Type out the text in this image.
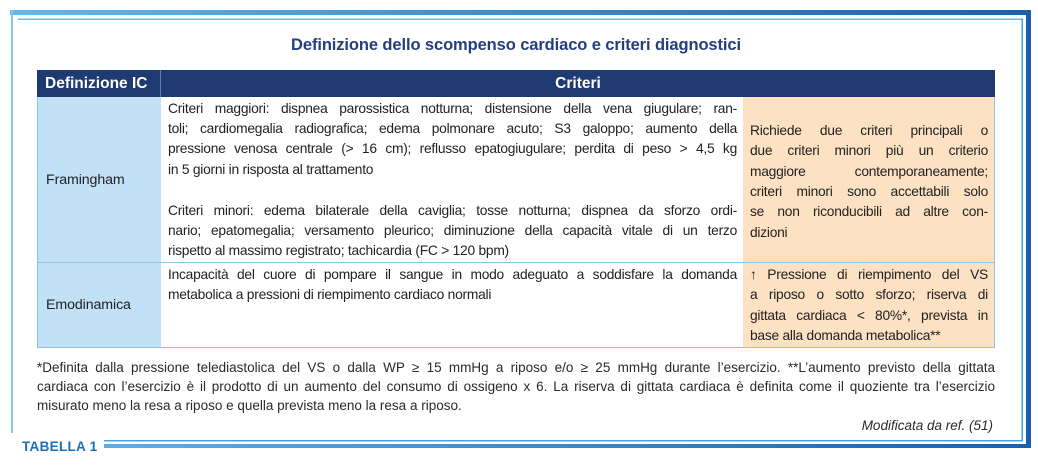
Definizione dello scompenso cardiaco e criteri diagnostici
Definizione IC	Criteri
Framingham
Criteri maggiori: dispnea parossistica notturna; distensione della vena giugulare; ran-
toli; cardiomegalia radiografica; edema polmonare acuto; S3 galoppo; aumento della
pressione venosa centrale (> 16 cm); reflusso epatogiugulare; perdita di peso > 4,5 kg
in 5 giorni in risposta al trattamento
Criteri minori: edema bilaterale della caviglia; tosse notturna; dispnea da sforzo ordi-
nario; epatomegalia; versamento pleurico; diminuzione della capacità vitale di un terzo
rispetto al massimo registrato; tachicardia (FC > 120 bpm)
Richiede due criteri principali o
due criteri minori più un criterio
maggiore contemporaneamente;
criteri minori sono accettabili solo
se non riconducibili ad altre con-
dizioni
Emodinamica
Incapacità del cuore di pompare il sangue in modo adeguato a soddisfare la domanda
metabolica a pressioni di riempimento cardiaco normali
↑ Pressione di riempimento del VS
a riposo o sotto sforzo; riserva di
gittata cardiaca < 80%*, prevista in
base alla domanda metabolica**
*Definita dalla pressione telediastolica del VS o dalla WP ≥ 15 mmHg a riposo e/o ≥ 25 mmHg durante l’esercizio. **L’aumento previsto della gittata
cardiaca con l’esercizio è il prodotto di un aumento del consumo di ossigeno x 6. La riserva di gittata cardiaca è definita come il quoziente tra l’esercizio
misurato meno la resa a riposo e quella prevista meno la resa a riposo.
Modificata da ref. (51)
TABELLA 1
